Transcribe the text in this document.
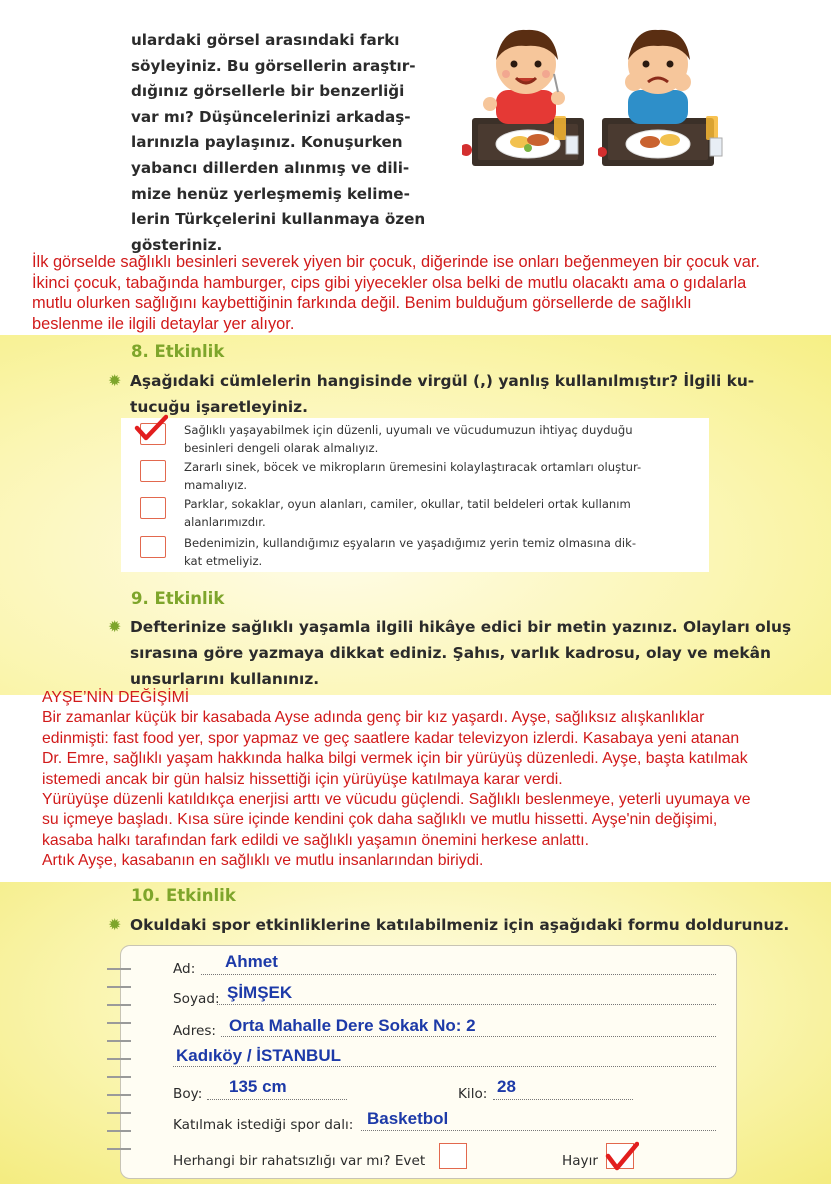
ulardaki görsel arasındaki farkı
söyleyiniz. Bu görsellerin araştır-
dığınız görsellerle bir benzerliği
var mı? Düşüncelerinizi arkadaş-
larınızla paylaşınız. Konuşurken
yabancı dillerden alınmış ve dili-
mize henüz yerleşmemiş kelime-
lerin Türkçelerini kullanmaya özen
gösteriniz.
İlk görselde sağlıklı besinleri severek yiyen bir çocuk, diğerinde ise onları beğenmeyen bir çocuk var.
İkinci çocuk, tabağında hamburger, cips gibi yiyecekler olsa belki de mutlu olacaktı ama o gıdalarla
mutlu olurken sağlığını kaybettiğinin farkında değil. Benim bulduğum görsellerde de sağlıklı
beslenme ile ilgili detaylar yer alıyor.
8. Etkinlik
✹ Aşağıdaki cümlelerin hangisinde virgül (,) yanlış kullanılmıştır? İlgili ku-
tucuğu işaretleyiniz.
Sağlıklı yaşayabilmek için düzenli, uyumalı ve vücudumuzun ihtiyaç duyduğu
besinleri dengeli olarak almalıyız.
Zararlı sinek, böcek ve mikropların üremesini kolaylaştıracak ortamları oluştur-
mamalıyız.
Parklar, sokaklar, oyun alanları, camiler, okullar, tatil beldeleri ortak kullanım
alanlarımızdır.
Bedenimizin, kullandığımız eşyaların ve yaşadığımız yerin temiz olmasına dik-
kat etmeliyiz.
9. Etkinlik
✹ Defterinize sağlıklı yaşamla ilgili hikâye edici bir metin yazınız. Olayları oluş
sırasına göre yazmaya dikkat ediniz. Şahıs, varlık kadrosu, olay ve mekân
unsurlarını kullanınız.
AYŞE’NİN DEĞİŞİMİ
Bir zamanlar küçük bir kasabada Ayse adında genç bir kız yaşardı. Ayşe, sağlıksız alışkanlıklar
edinmişti: fast food yer, spor yapmaz ve geç saatlere kadar televizyon izlerdi. Kasabaya yeni atanan
Dr. Emre, sağlıklı yaşam hakkında halka bilgi vermek için bir yürüyüş düzenledi. Ayşe, başta katılmak
istemedi ancak bir gün halsiz hissettiği için yürüyüşe katılmaya karar verdi.
Yürüyüşe düzenli katıldıkça enerjisi arttı ve vücudu güçlendi. Sağlıklı beslenmeye, yeterli uyumaya ve
su içmeye başladı. Kısa süre içinde kendini çok daha sağlıklı ve mutlu hissetti. Ayşe'nin değişimi,
kasaba halkı tarafından fark edildi ve sağlıklı yaşamın önemini herkese anlattı.
Artık Ayşe, kasabanın en sağlıklı ve mutlu insanlarından biriydi.
10. Etkinlik
✹ Okuldaki spor etkinliklerine katılabilmeniz için aşağıdaki formu doldurunuz.
Ad: Ahmet
Soyad: ŞİMŞEK
Adres: Orta Mahalle Dere Sokak No: 2
Kadıköy / İSTANBUL
Boy: 135 cm	Kilo: 28
Katılmak istediği spor dalı: Basketbol
Herhangi bir rahatsızlığı var mı? Evet	Hayır
